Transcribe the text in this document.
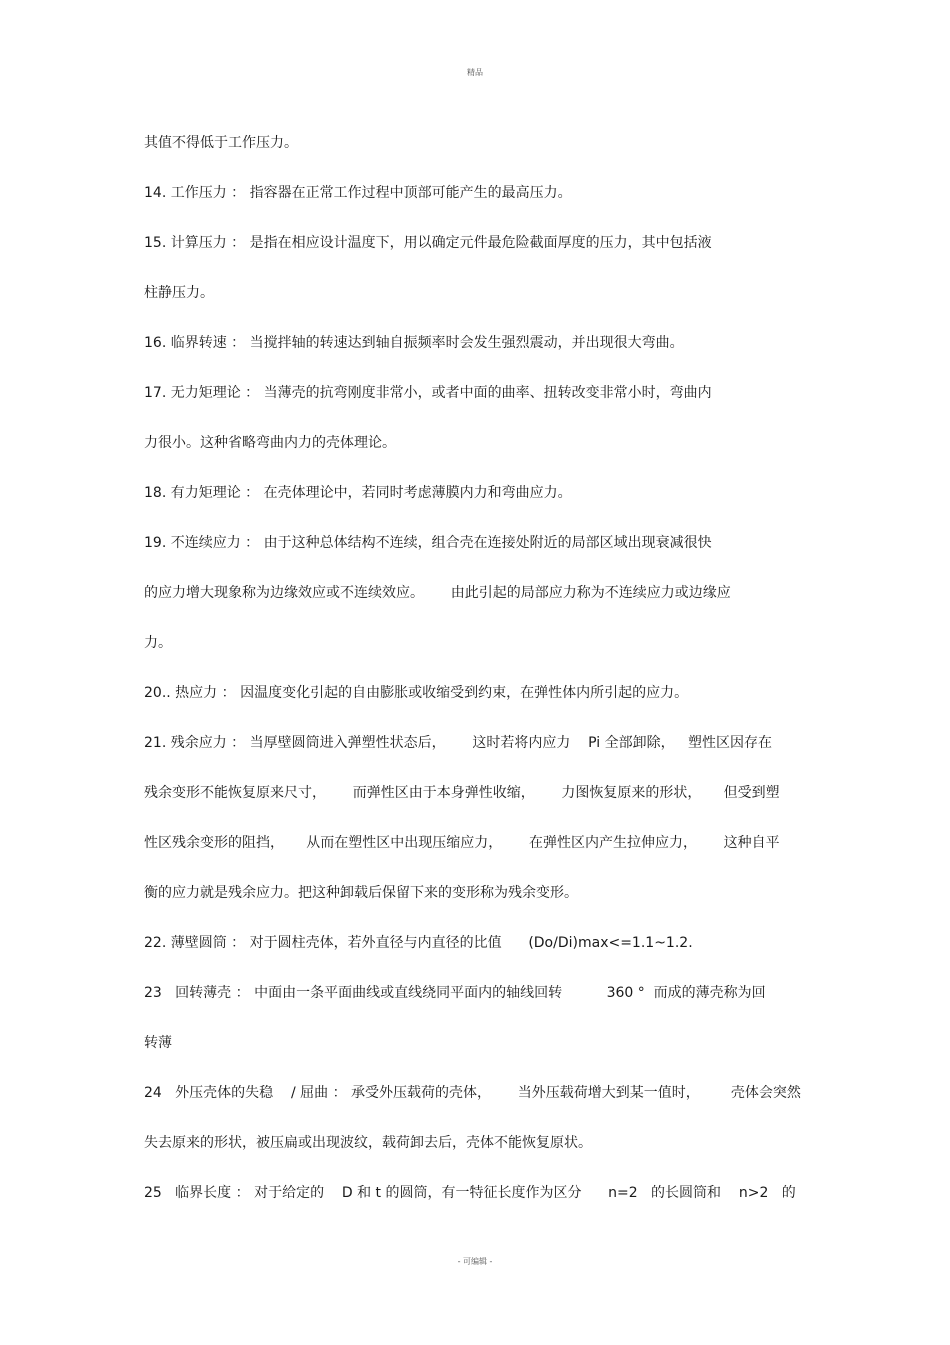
精品
其值不得低于工作压力。
14. 工作压力 ： 指容器在正常工作过程中顶部可能产生的最高压力。
15. 计算压力 ： 是指在相应设计温度下，用以确定元件最危险截面厚度的压力，其中包括液
柱静压力。
16. 临界转速 ： 当搅拌轴的转速达到轴自振频率时会发生强烈震动，并出现很大弯曲。
17. 无力矩理论 ： 当薄壳的抗弯刚度非常小，或者中面的曲率、扭转改变非常小时，弯曲内
力很小。这种省略弯曲内力的壳体理论。
18. 有力矩理论 ： 在壳体理论中，若同时考虑薄膜内力和弯曲应力。
19. 不连续应力 ： 由于这种总体结构不连续，组合壳在连接处附近的局部区域出现衰减很快
的应力增大现象称为边缘效应或不连续效应。      由此引起的局部应力称为不连续应力或边缘应
力。
20.. 热应力 ： 因温度变化引起的自由膨胀或收缩受到约束，在弹性体内所引起的应力。
21. 残余应力 ： 当厚壁圆筒进入弹塑性状态后，      这时若将内应力    Pi 全部卸除，   塑性区因存在
残余变形不能恢复原来尺寸，      而弹性区由于本身弹性收缩，      力图恢复原来的形状，     但受到塑
性区残余变形的阻挡，     从而在塑性区中出现压缩应力，      在弹性区内产生拉伸应力，      这种自平
衡的应力就是残余应力。把这种卸载后保留下来的变形称为残余变形。
22. 薄壁圆筒 ： 对于圆柱壳体，若外直径与内直径的比值      (Do/Di)max<=1.1~1.2.
23   回转薄壳 ： 中面由一条平面曲线或直线绕同平面内的轴线回转          360 °  而成的薄壳称为回
转薄
24   外压壳体的失稳    / 屈曲 ： 承受外压载荷的壳体，      当外压载荷增大到某一值时，       壳体会突然
失去原来的形状，被压扁或出现波纹，载荷卸去后，壳体不能恢复原状。
25   临界长度 ： 对于给定的    D 和 t 的圆筒，有一特征长度作为区分      n=2   的长圆筒和    n>2   的
- 可编辑 -
